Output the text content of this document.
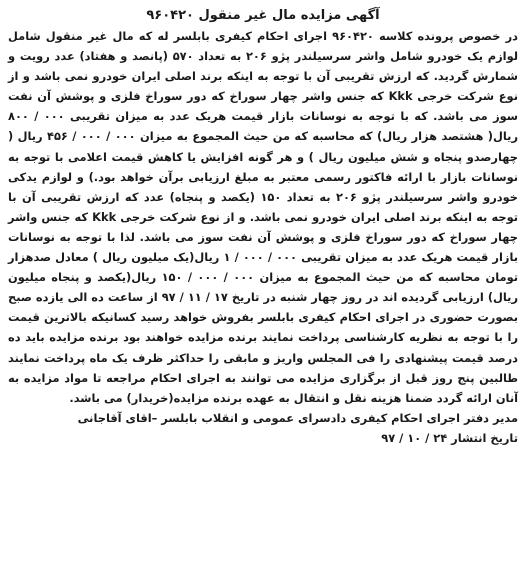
آگهی مزایده مال غیر منقول ۹۶۰۴۲۰

در خصوص پرونده کلاسه ۹۶۰۴۲۰ اجرای احکام کیفری بابلسر له که مال غیر منقول شامل لوازم یک خودرو شامل واشر سرسیلندر پژو ۲۰۶ به تعداد ۵۷۰ (پانصد و هفتاد) عدد رویت و شمارش گردید. که ارزش تقریبی آن با توجه به اینکه برند اصلی ایران خودرو نمی باشد و از نوع شرکت خرجی Kkk که جنس واشر چهار سوراخ که دور سوراخ فلزی و پوشش آن نفت سوز می باشد. که با توجه به نوسانات بازار قیمت هریک عدد به میزان تقریبی ۰۰۰ / ۸۰۰ ریال( هشتصد هزار ریال) که محاسبه که من حیث المجموع به میزان ۰۰۰ / ۰۰۰ / ۴۵۶ ریال ( چهارصدو پنجاه و شش میلیون ریال ) و هر گونه افزایش یا کاهش قیمت اعلامی با توجه به نوسانات بازار با ارائه فاکتور رسمی معتبر به مبلغ ارزیابی برآن خواهد بود.) و لوازم یدکی خودرو واشر سرسیلندر پژو ۲۰۶ به تعداد ۱۵۰ (یکصد و پنجاه) عدد که ارزش تقریبی آن با توجه به اینکه برند اصلی ایران خودرو نمی باشد. و از نوع شرکت خرجی Kkk که جنس واشر چهار سوراخ که دور سوراخ فلزی و پوشش آن نفت سوز می باشد. لذا با توجه به نوسانات بازار قیمت هریک عدد به میزان تقریبی ۰۰۰ / ۰۰۰ / ۱ ریال(یک میلیون ریال ) معادل صدهزار تومان محاسبه که من حیث المجموع به میزان ۰۰۰ / ۰۰۰ / ۱۵۰ ریال(یکصد و پنجاه میلیون ریال) ارزیابی گردیده اند در روز چهار شنبه در تاریخ ۱۷ / ۱۱ / ۹۷ از ساعت ده الی یازده صبح بصورت حضوری در اجرای احکام کیفری بابلسر بفروش خواهد رسید کسانیکه بالاترین قیمت را با توجه به نظریه کارشناسی پرداخت نمایند برنده مزایده خواهند بود برنده مزایده باید ده درصد قیمت پیشنهادی را فی المجلس واریز و مابقی را حداکثر ظرف یک ماه پرداخت نمایند طالبین پنج روز قبل از برگزاری مزایده می توانند به اجرای احکام مراجعه تا مواد مزایده به آنان ارائه گردد ضمنا هزینه نقل و انتقال به عهده برنده مزایده(خریدار) می باشد.

مدیر دفتر اجرای احکام کیفری دادسرای عمومی و انقلاب بابلسر –اقای آقاجانی

تاریخ انتشار ۲۴ / ۱۰ / ۹۷
